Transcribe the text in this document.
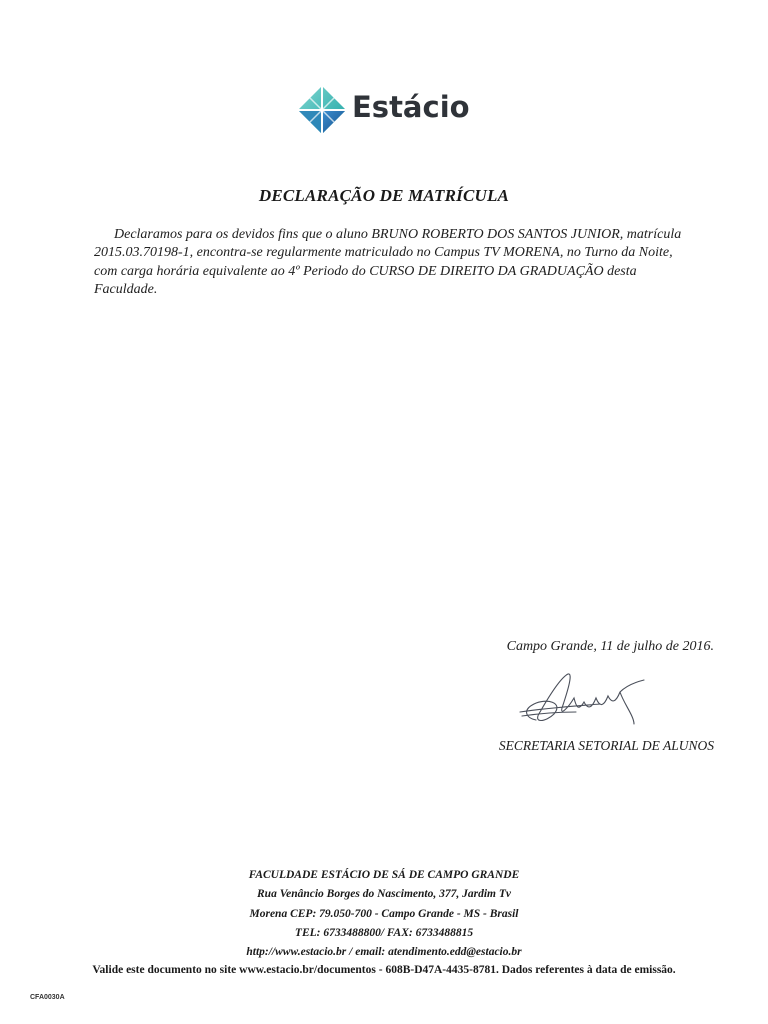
Estácio
DECLARAÇÃO DE MATRÍCULA
Declaramos para os devidos fins que o aluno BRUNO ROBERTO DOS SANTOS JUNIOR, matrícula 2015.03.70198-1, encontra-se regularmente matriculado no Campus TV MORENA, no Turno da Noite, com carga horária equivalente ao 4º Periodo do CURSO DE DIREITO DA GRADUAÇÃO desta Faculdade.
Campo Grande, 11 de julho de 2016.
SECRETARIA SETORIAL DE ALUNOS
FACULDADE ESTÁCIO DE SÁ DE CAMPO GRANDE
Rua Venâncio Borges do Nascimento, 377, Jardim Tv
Morena CEP: 79.050-700 - Campo Grande - MS - Brasil
TEL: 6733488800/ FAX: 6733488815
http://www.estacio.br / email: atendimento.edd@estacio.br
Valide este documento no site www.estacio.br/documentos - 608B-D47A-4435-8781. Dados referentes à data de emissão.
CFA0030A
